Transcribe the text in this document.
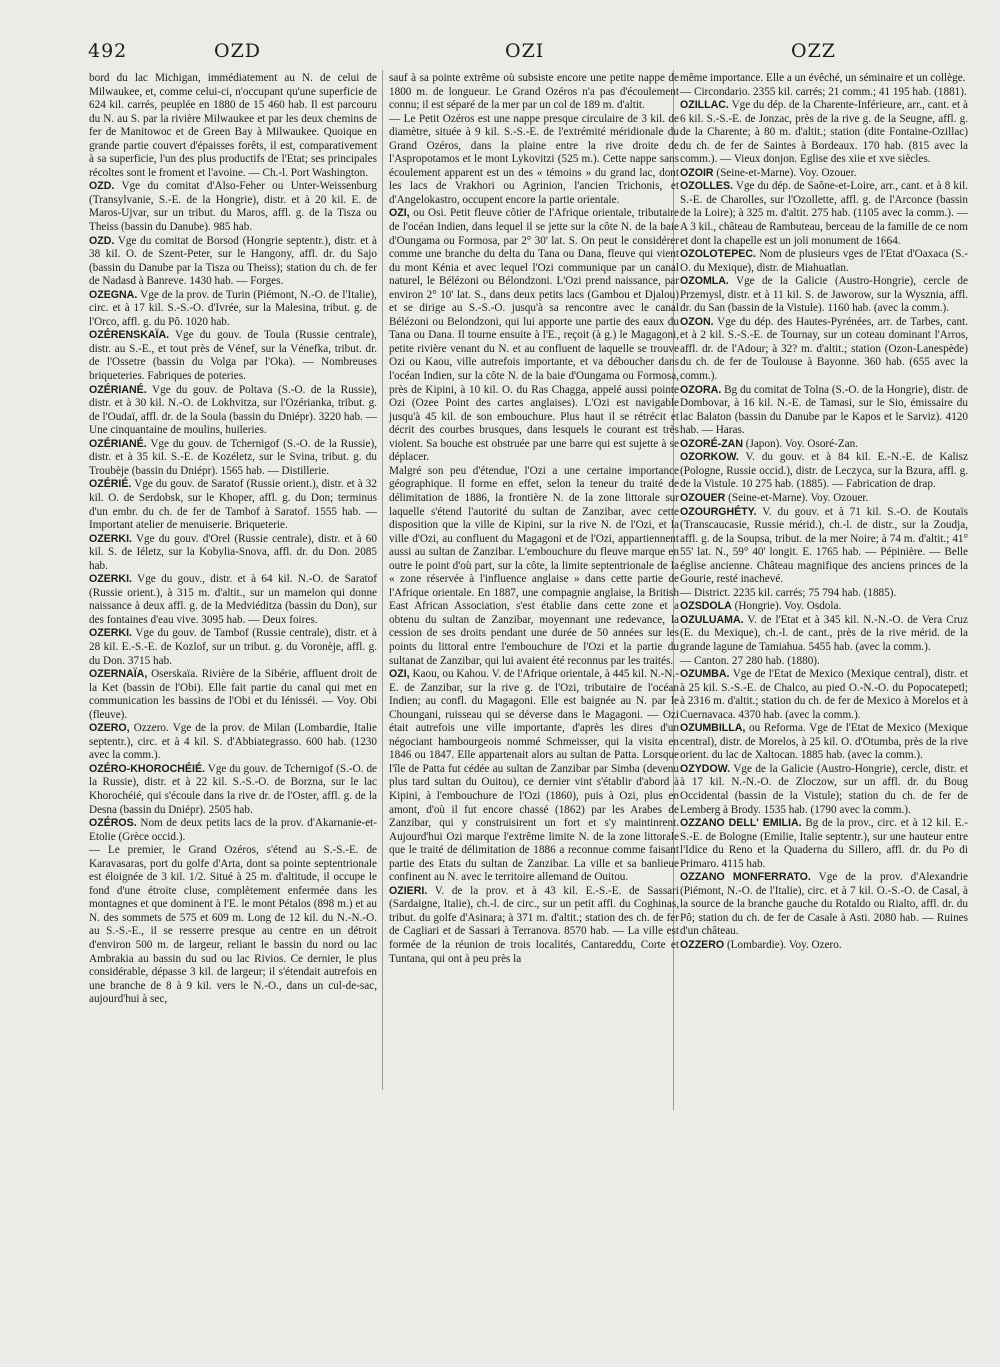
492	OZD	OZI	OZZ

bord du lac Michigan, immédiatement au N. de celui de Milwaukee, et, comme celui-ci, n'occupant qu'une superficie de 624 kil. carrés, peuplée en 1880 de 15 460 hab. Il est parcouru du N. au S. par la rivière Milwaukee et par les deux chemins de fer de Manitowoc et de Green Bay à Milwaukee. Quoique en grande partie couvert d'épaisses forêts, il est, comparativement à sa superficie, l'un des plus productifs de l'Etat; ses principales récoltes sont le froment et l'avoine. — Ch.-l. Port Washington.

OZD. Vge du comitat d'Also-Feher ou Unter-Weissenburg (Transylvanie, S.-E. de la Hongrie), distr. et à 20 kil. E. de Maros-Ujvar, sur un tribut. du Maros, affl. g. de la Tisza ou Theiss (bassin du Danube). 985 hab.

OZD. Vge du comitat de Borsod (Hongrie septentr.), distr. et à 38 kil. O. de Szent-Peter, sur le Hangony, affl. dr. du Sajo (bassin du Danube par la Tisza ou Theiss); station du ch. de fer de Nadasd à Banreve. 1430 hab. — Forges.

OZEGNA. Vge de la prov. de Turin (Piémont, N.-O. de l'Italie), circ. et à 17 kil. S.-S.-O. d'Ivrée, sur la Malesina, tribut. g. de l'Orco, affl. g. du Pô. 1020 hab.

OZÉRENSKAÏA. Vge du gouv. de Toula (Russie centrale), distr. au S.-E., et tout près de Vénef, sur la Vénefka, tribut. dr. de l'Ossetre (bassin du Volga par l'Oka). — Nombreuses briqueteries. Fabriques de poteries.

OZÉRIANÉ. Vge du gouv. de Poltava (S.-O. de la Russie), distr. et à 30 kil. N.-O. de Lokhvitza, sur l'Ozérianka, tribut. g. de l'Oudaï, affl. dr. de la Soula (bassin du Dniépr). 3220 hab. — Une cinquantaine de moulins, huileries.

OZÉRIANÉ. Vge du gouv. de Tchernigof (S.-O. de la Russie), distr. et à 35 kil. S.-E. de Kozéletz, sur le Svina, tribut. g. du Troubèje (bassin du Dniépr). 1565 hab. — Distillerie.

OZÉRIÉ. Vge du gouv. de Saratof (Russie orient.), distr. et à 32 kil. O. de Serdobsk, sur le Khoper, affl. g. du Don; terminus d'un embr. du ch. de fer de Tambof à Saratof. 1555 hab. — Important atelier de menuiserie. Briqueterie.

OZERKI. Vge du gouv. d'Orel (Russie centrale), distr. et à 60 kil. S. de Iéletz, sur la Kobylia-Snova, affl. dr. du Don. 2085 hab.

OZERKI. Vge du gouv., distr. et à 64 kil. N.-O. de Saratof (Russie orient.), à 315 m. d'altit., sur un mamelon qui donne naissance à deux affl. g. de la Medviéditza (bassin du Don), sur des fontaines d'eau vive. 3095 hab. — Deux foires.

OZERKI. Vge du gouv. de Tambof (Russie centrale), distr. et à 28 kil. E.-S.-E. de Kozlof, sur un tribut. g. du Voronèje, affl. g. du Don. 3715 hab.

OZERNAÏA, Oserskaïa. Rivière de la Sibérie, affluent droit de la Ket (bassin de l'Obi). Elle fait partie du canal qui met en communication les bassins de l'Obi et du Iénisséi. — Voy. Obi (fleuve).

OZERO, Ozzero. Vge de la prov. de Milan (Lombardie, Italie septentr.), circ. et à 4 kil. S. d'Abbiategrasso. 600 hab. (1230 avec la comm.).

OZÉRO-KHOROCHÉIÉ. Vge du gouv. de Tchernigof (S.-O. de la Russie), distr. et à 22 kil. S.-S.-O. de Borzna, sur le lac Khorochéié, qui s'écoule dans la rive dr. de l'Oster, affl. g. de la Desna (bassin du Dniépr). 2505 hab.

OZÉROS. Nom de deux petits lacs de la prov. d'Akarnanie-et-Etolie (Grèce occid.).

— Le premier, le Grand Ozéros, s'étend au S.-S.-E. de Karavasaras, port du golfe d'Arta, dont sa pointe septentrionale est éloignée de 3 kil. 1/2. Situé à 25 m. d'altitude, il occupe le fond d'une étroite cluse, complètement enfermée dans les montagnes et que dominent à l'E. le mont Pétalos (898 m.) et au N. des sommets de 575 et 609 m. Long de 12 kil. du N.-N.-O. au S.-S.-E., il se resserre presque au centre en un détroit d'environ 500 m. de largeur, reliant le bassin du nord ou lac Ambrakia au bassin du sud ou lac Rivios. Ce dernier, le plus considérable, dépasse 3 kil. de largeur; il s'étendait autrefois en une branche de 8 à 9 kil. vers le N.-O., dans un cul-de-sac, aujourd'hui à sec,

sauf à sa pointe extrême où subsiste encore une petite nappe de 1800 m. de longueur. Le Grand Ozéros n'a pas d'écoulement connu; il est séparé de la mer par un col de 189 m. d'altit.

— Le Petit Ozéros est une nappe presque circulaire de 3 kil. de diamètre, située à 9 kil. S.-S.-E. de l'extrémité méridionale du Grand Ozéros, dans la plaine entre la rive droite de l'Aspropotamos et le mont Lykovitzi (525 m.). Cette nappe sans écoulement apparent est un des « témoins » du grand lac, dont les lacs de Vrakhori ou Agrinion, l'ancien Trichonis, et d'Angelokastro, occupent encore la partie orientale.

OZI, ou Osi. Petit fleuve côtier de l'Afrique orientale, tributaire de l'océan Indien, dans lequel il se jette sur la côte N. de la baie d'Oungama ou Formosa, par 2° 30' lat. S. On peut le considérer comme une branche du delta du Tana ou Dana, fleuve qui vient du mont Kénia et avec lequel l'Ozi communique par un canal naturel, le Bélézoni ou Bélondzoni. L'Ozi prend naissance, par environ 2° 10' lat. S., dans deux petits lacs (Gambou et Djalou) et se dirige au S.-S.-O. jusqu'à sa rencontre avec le canal Bélézoni ou Belondzoni, qui lui apporte une partie des eaux du Tana ou Dana. Il tourne ensuite à l'E., reçoit (à g.) le Magagoni, petite rivière venant du N. et au confluent de laquelle se trouve Ozi ou Kaou, ville autrefois importante, et va déboucher dans l'océan Indien, sur la côte N. de la baie d'Oungama ou Formosa, près de Kipini, à 10 kil. O. du Ras Chagga, appelé aussi pointe Ozi (Ozee Point des cartes anglaises). L'Ozi est navigable jusqu'à 45 kil. de son embouchure. Plus haut il se rétrécit et décrit des courbes brusques, dans lesquels le courant est très violent. Sa bouche est obstruée par une barre qui est sujette à se déplacer.

Malgré son peu d'étendue, l'Ozi a une certaine importance géographique. Il forme en effet, selon la teneur du traité de délimitation de 1886, la frontière N. de la zone littorale sur laquelle s'étend l'autorité du sultan de Zanzibar, avec cette disposition que la ville de Kipini, sur la rive N. de l'Ozi, et la ville d'Ozi, au confluent du Magagoni et de l'Ozi, appartiennent aussi au sultan de Zanzibar. L'embouchure du fleuve marque en outre le point d'où part, sur la côte, la limite septentrionale de la « zone réservée à l'influence anglaise » dans cette partie de l'Afrique orientale. En 1887, une compagnie anglaise, la British East African Association, s'est établie dans cette zone et a obtenu du sultan de Zanzibar, moyennant une redevance, la cession de ses droits pendant une durée de 50 années sur les points du littoral entre l'embouchure de l'Ozi et la partie du sultanat de Zanzibar, qui lui avaient été reconnus par les traités.

OZI, Kaou, ou Kahou. V. de l'Afrique orientale, à 445 kil. N.-N.-E. de Zanzibar, sur la rive g. de l'Ozi, tributaire de l'océan Indien; au confl. du Magagoni. Elle est baignée au N. par le Choungani, ruisseau qui se déverse dans le Magagoni. — Ozi était autrefois une ville importante, d'après les dires d'un négociant hambourgeois nommé Schmeisser, qui la visita en 1846 ou 1847. Elle appartenait alors au sultan de Patta. Lorsque l'île de Patta fut cédée au sultan de Zanzibar par Simba (devenu plus tard sultan du Ouitou), ce dernier vint s'établir d'abord à Kipini, à l'embouchure de l'Ozi (1860), puis à Ozi, plus en amont, d'où il fut encore chassé (1862) par les Arabes de Zanzibar, qui y construisirent un fort et s'y maintinrent. Aujourd'hui Ozi marque l'extrême limite N. de la zone littorale que le traité de délimitation de 1886 a reconnue comme faisant partie des Etats du sultan de Zanzibar. La ville et sa banlieue confinent au N. avec le territoire allemand de Ouitou.

OZIERI. V. de la prov. et à 43 kil. E.-S.-E. de Sassari (Sardaigne, Italie), ch.-l. de circ., sur un petit affl. du Coghinas, tribut. du golfe d'Asinara; à 371 m. d'altit.; station des ch. de fer de Cagliari et de Sassari à Terranova. 8570 hab. — La ville est formée de la réunion de trois localités, Cantareddu, Corte et Tuntana, qui ont à peu près la

même importance. Elle a un évêché, un séminaire et un collège.

— Circondario. 2355 kil. carrés; 21 comm.; 41 195 hab. (1881).

OZILLAC. Vge du dép. de la Charente-Inférieure, arr., cant. et à 6 kil. S.-S.-E. de Jonzac, près de la rive g. de la Seugne, affl. g. de la Charente; à 80 m. d'altit.; station (dite Fontaine-Ozillac) du ch. de fer de Saintes à Bordeaux. 170 hab. (815 avec la comm.). — Vieux donjon. Eglise des xiie et xve siècles.

OZOIR (Seine-et-Marne). Voy. Ozouer.

OZOLLES. Vge du dép. de Saône-et-Loire, arr., cant. et à 8 kil. S.-E. de Charolles, sur l'Ozollette, affl. g. de l'Arconce (bassin de la Loire); à 325 m. d'altit. 275 hab. (1105 avec la comm.). — A 3 kil., château de Rambuteau, berceau de la famille de ce nom et dont la chapelle est un joli monument de 1664.

OZOLOTEPEC. Nom de plusieurs vges de l'Etat d'Oaxaca (S.-O. du Mexique), distr. de Miahuatlan.

OZOMLA. Vge de la Galicie (Austro-Hongrie), cercle de Przemysl, distr. et à 11 kil. S. de Jaworow, sur la Wysznia, affl. dr. du San (bassin de la Vistule). 1160 hab. (avec la comm.).

OZON. Vge du dép. des Hautes-Pyrénées, arr. de Tarbes, cant. et à 2 kil. S.-S.-E. de Tournay, sur un coteau dominant l'Arros, affl. dr. de l'Adour; à 32? m. d'altit.; station (Ozon-Lanespède) du ch. de fer de Toulouse à Bayonne. 360 hab. (655 avec la comm.).

OZORA. Bg du comitat de Tolna (S.-O. de la Hongrie), distr. de Dombovar, à 16 kil. N.-E. de Tamasi, sur le Sio, émissaire du lac Balaton (bassin du Danube par le Kapos et le Sarviz). 4120 hab. — Haras.

OZORÉ-ZAN (Japon). Voy. Osoré-Zan.

OZORKOW. V. du gouv. et à 84 kil. E.-N.-E. de Kalisz (Pologne, Russie occid.), distr. de Leczyca, sur la Bzura, affl. g. de la Vistule. 10 275 hab. (1885). — Fabrication de drap.

OZOUER (Seine-et-Marne). Voy. Ozouer.

OZOURGHÉTY. V. du gouv. et à 71 kil. S.-O. de Koutaïs (Transcaucasie, Russie mérid.), ch.-l. de distr., sur la Zoudja, affl. g. de la Soupsa, tribut. de la mer Noire; à 74 m. d'altit.; 41° 55' lat. N., 59° 40' longit. E. 1765 hab. — Pépinière. — Belle église ancienne. Château magnifique des anciens princes de la Gourie, resté inachevé.

— District. 2235 kil. carrés; 75 794 hab. (1885).

OZSDOLA (Hongrie). Voy. Osdola.

OZULUAMA. V. de l'Etat et à 345 kil. N.-N.-O. de Vera Cruz (E. du Mexique), ch.-l. de cant., près de la rive mérid. de la grande lagune de Tamiahua. 5455 hab. (avec la comm.).

— Canton. 27 280 hab. (1880).

OZUMBA. Vge de l'Etat de Mexico (Mexique central), distr. et à 25 kil. S.-S.-E. de Chalco, au pied O.-N.-O. du Popocatepetl; à 2316 m. d'altit.; station du ch. de fer de Mexico à Morelos et à Cuernavaca. 4370 hab. (avec la comm.).

OZUMBILLA, ou Reforma. Vge de l'Etat de Mexico (Mexique central), distr. de Morelos, à 25 kil. O. d'Otumba, près de la rive orient. du lac de Xaltocan. 1885 hab. (avec la comm.).

OZYDOW. Vge de la Galicie (Austro-Hongrie), cercle, distr. et à 17 kil. N.-N.-O. de Zloczow, sur un affl. dr. du Boug Occidental (bassin de la Vistule); station du ch. de fer de Lemberg à Brody. 1535 hab. (1790 avec la comm.).

OZZANO DELL' EMILIA. Bg de la prov., circ. et à 12 kil. E.-S.-E. de Bologne (Emilie, Italie septentr.), sur une hauteur entre l'Idice du Reno et la Quaderna du Sillero, affl. dr. du Po di Primaro. 4115 hab.

OZZANO MONFERRATO. Vge de la prov. d'Alexandrie (Piémont, N.-O. de l'Italie), circ. et à 7 kil. O.-S.-O. de Casal, à la source de la branche gauche du Rotaldo ou Rialto, affl. dr. du Pô; station du ch. de fer de Casale à Asti. 2080 hab. — Ruines d'un château.

OZZERO (Lombardie). Voy. Ozero.
